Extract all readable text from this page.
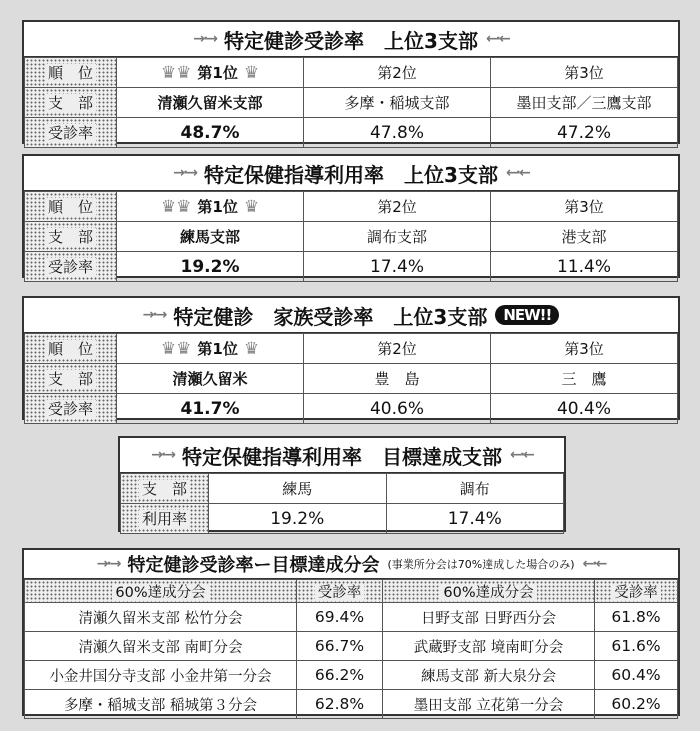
→·→
特定健診受診率　上位3支部
←·←
順　位	♛♛ 第1位 ♛	第2位	第3位
支　部	清瀬久留米支部	多摩・稲城支部	墨田支部／三鷹支部
受診率	48.7%	47.8%	47.2%
→·→
特定保健指導利用率　上位3支部
←·←
順　位	♛♛ 第1位 ♛	第2位	第3位
支　部	練馬支部	調布支部	港支部
受診率	19.2%	17.4%	11.4%
→·→
特定健診　家族受診率　上位3支部	NEW!!
順　位	♛♛ 第1位 ♛	第2位	第3位
支　部	清瀬久留米	豊　島	三　鷹
受診率	41.7%	40.6%	40.4%
→·→
特定保健指導利用率　目標達成支部
←·←
支　部	練馬	調布
利用率	19.2%	17.4%
→·→
特定健診受診率ー目標達成分会 (事業所分会は70%達成した場合のみ)
←·←
60%達成分会	受診率	60%達成分会	受診率
清瀬久留米支部 松竹分会	69.4%	日野支部 日野西分会	61.8%
清瀬久留米支部 南町分会	66.7%	武蔵野支部 境南町分会	61.6%
小金井国分寺支部 小金井第一分会	66.2%	練馬支部 新大泉分会	60.4%
多摩・稲城支部 稲城第３分会	62.8%	墨田支部 立花第一分会	60.2%
